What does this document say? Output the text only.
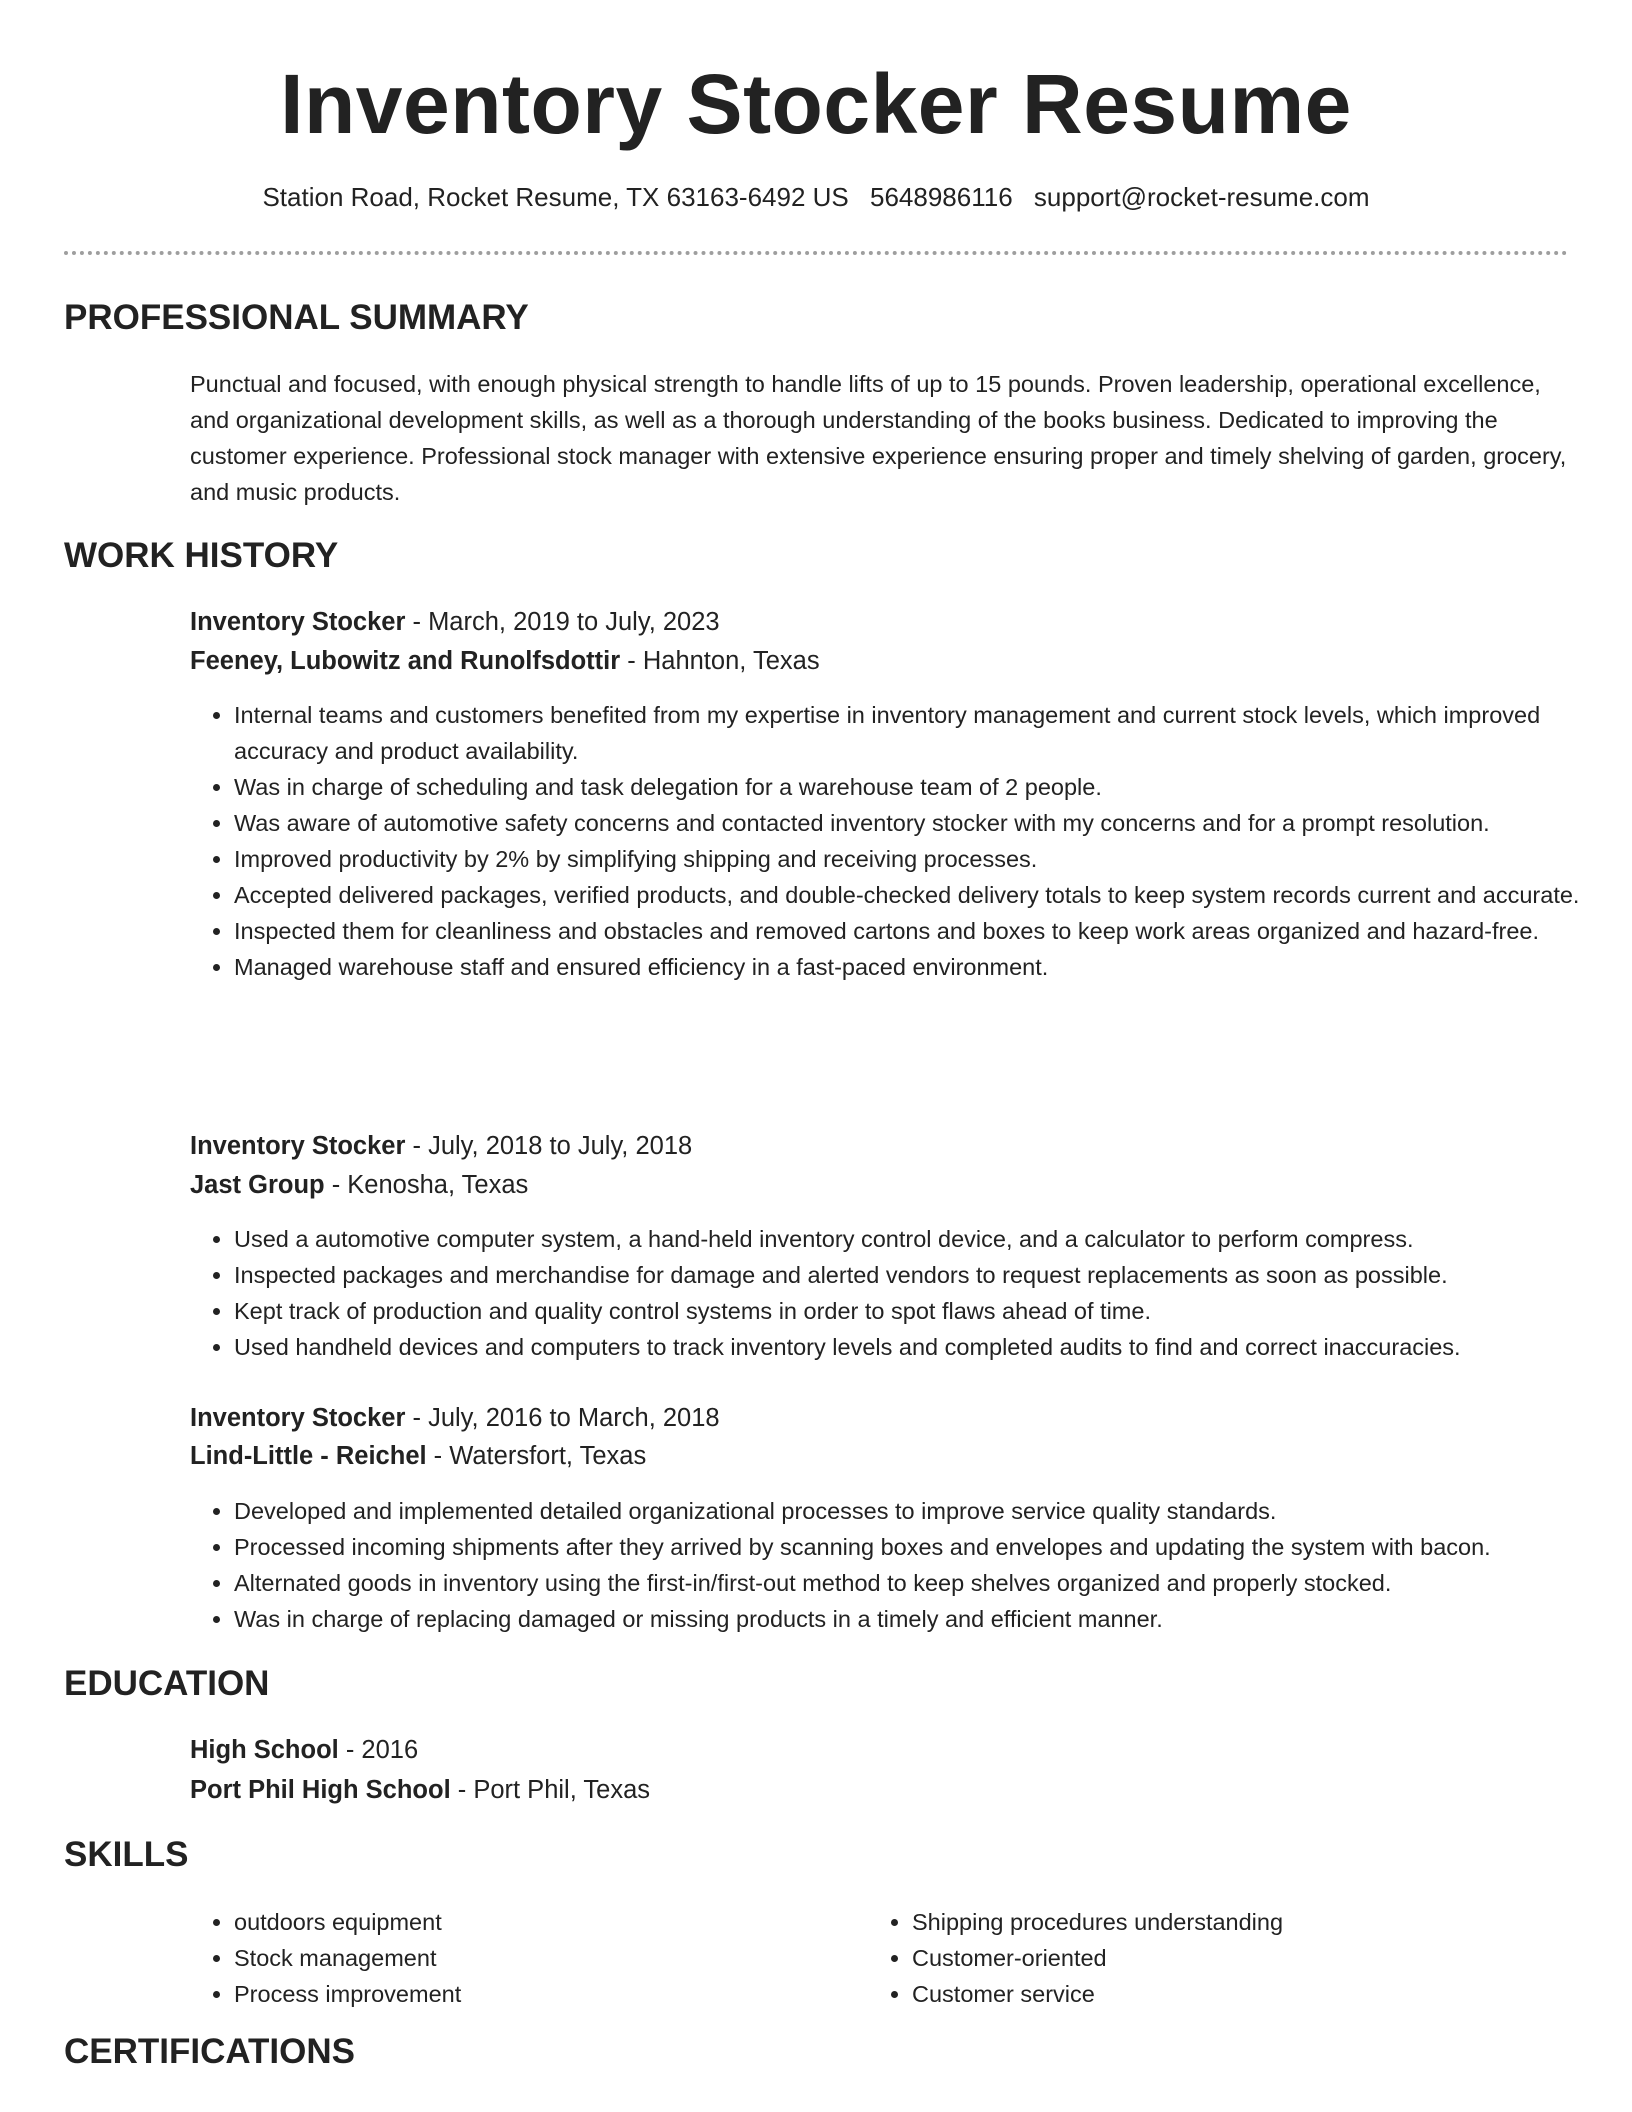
Inventory Stocker Resume
Station Road, Rocket Resume, TX 63163-6492 US 5648986116 support@rocket-resume.com
PROFESSIONAL SUMMARY

Punctual and focused, with enough physical strength to handle lifts of up to 15 pounds. Proven leadership, operational excellence, and organizational development skills, as well as a thorough understanding of the books business. Dedicated to improving the customer experience. Professional stock manager with extensive experience ensuring proper and timely shelving of garden, grocery, and music products.

WORK HISTORY
Inventory Stocker - March, 2019 to July, 2023
Feeney, Lubowitz and Runolfsdottir - Hahnton, Texas
• Internal teams and customers benefited from my expertise in inventory management and current stock levels, which improved accuracy and product availability.
• Was in charge of scheduling and task delegation for a warehouse team of 2 people.
• Was aware of automotive safety concerns and contacted inventory stocker with my concerns and for a prompt resolution.
• Improved productivity by 2% by simplifying shipping and receiving processes.
• Accepted delivered packages, verified products, and double-checked delivery totals to keep system records current and accurate.
• Inspected them for cleanliness and obstacles and removed cartons and boxes to keep work areas organized and hazard-free.
• Managed warehouse staff and ensured efficiency in a fast-paced environment.
Inventory Stocker - July, 2018 to July, 2018
Jast Group - Kenosha, Texas
• Used a automotive computer system, a hand-held inventory control device, and a calculator to perform compress.
• Inspected packages and merchandise for damage and alerted vendors to request replacements as soon as possible.
• Kept track of production and quality control systems in order to spot flaws ahead of time.
• Used handheld devices and computers to track inventory levels and completed audits to find and correct inaccuracies.
Inventory Stocker - July, 2016 to March, 2018
Lind-Little - Reichel - Watersfort, Texas
• Developed and implemented detailed organizational processes to improve service quality standards.
• Processed incoming shipments after they arrived by scanning boxes and envelopes and updating the system with bacon.
• Alternated goods in inventory using the first-in/first-out method to keep shelves organized and properly stocked.
• Was in charge of replacing damaged or missing products in a timely and efficient manner.
EDUCATION
High School - 2016
Port Phil High School - Port Phil, Texas
SKILLS
• outdoors equipment
• Stock management
• Process improvement
• Shipping procedures understanding
• Customer-oriented
• Customer service
CERTIFICATIONS
